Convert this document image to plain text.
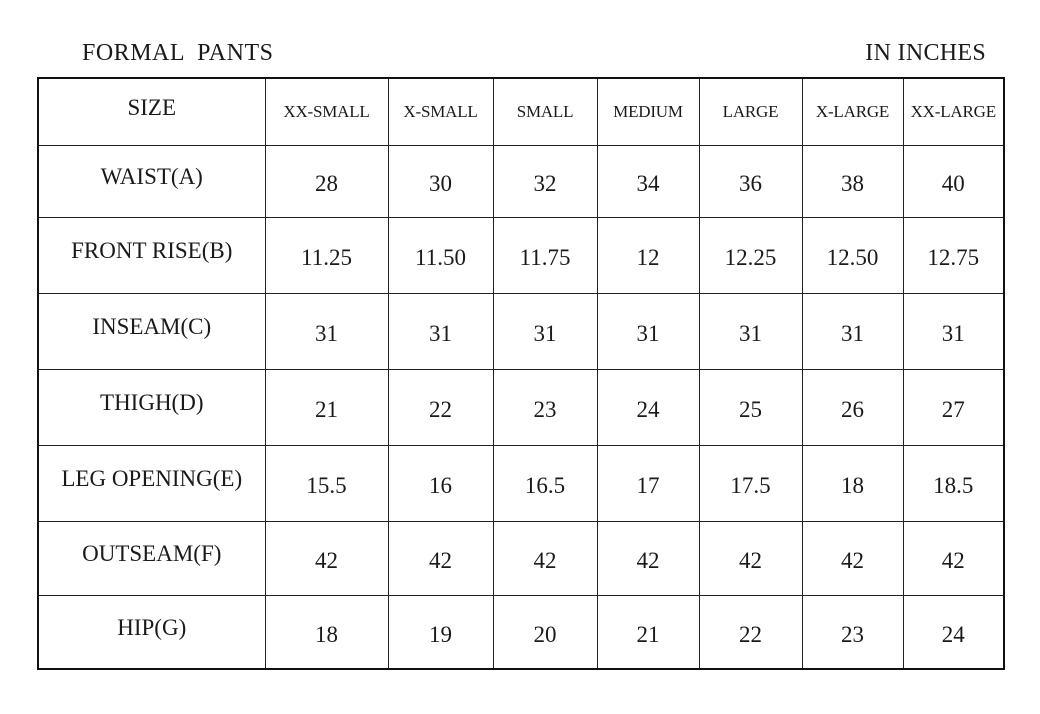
FORMAL  PANTS	IN INCHES
SIZE	XX-SMALL	X-SMALL	SMALL	MEDIUM	LARGE	X-LARGE	XX-LARGE
WAIST(A)	28	30	32	34	36	38	40
FRONT RISE(B)	11.25	11.50	11.75	12	12.25	12.50	12.75
INSEAM(C)	31	31	31	31	31	31	31
THIGH(D)	21	22	23	24	25	26	27
LEG OPENING(E)	15.5	16	16.5	17	17.5	18	18.5
OUTSEAM(F)	42	42	42	42	42	42	42
HIP(G)	18	19	20	21	22	23	24
